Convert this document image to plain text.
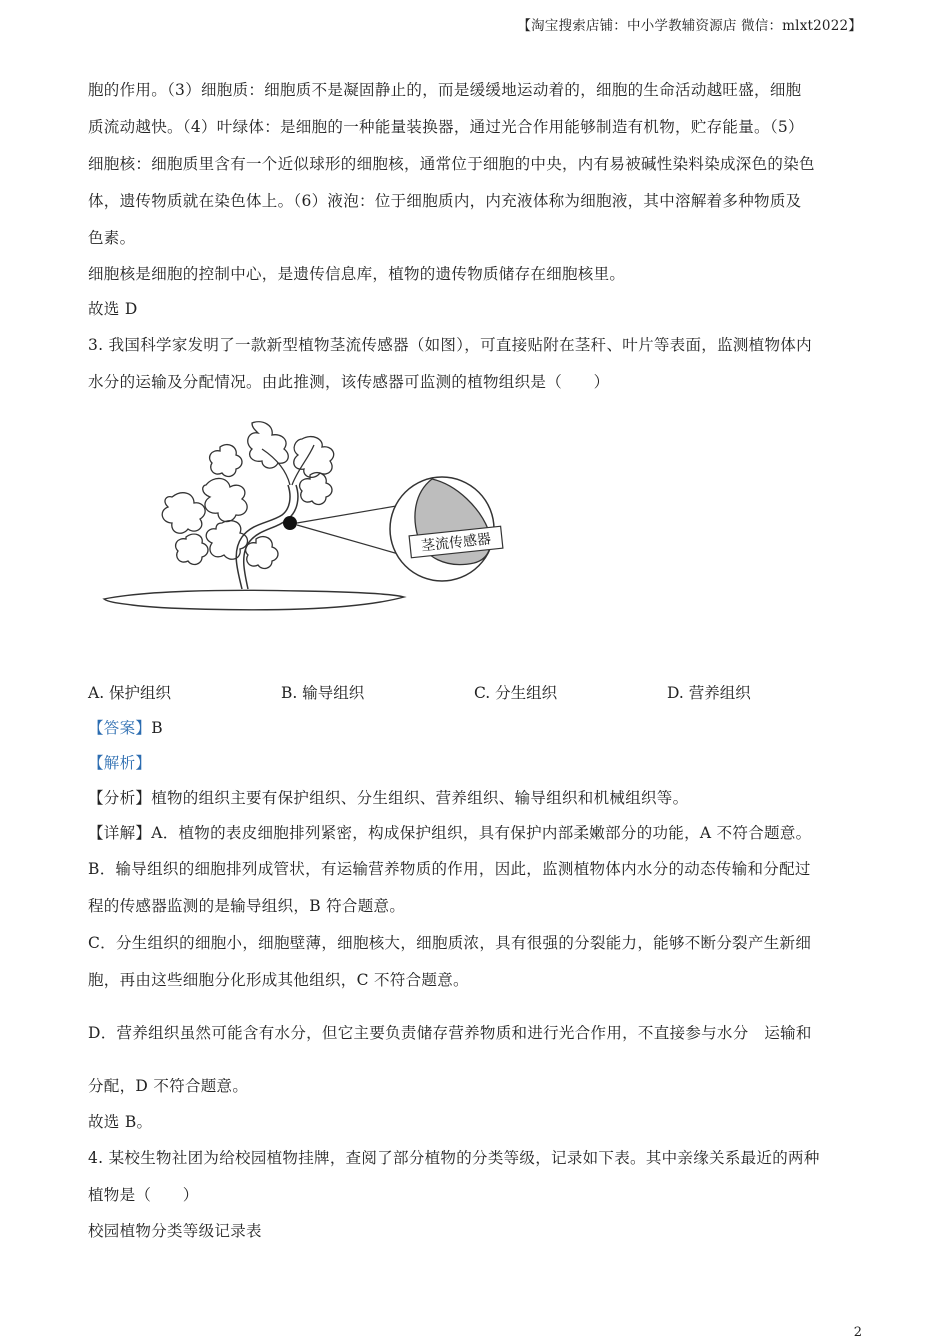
【淘宝搜索店铺：中小学教辅资源店 微信：mlxt2022】
胞的作用。（3）细胞质：细胞质不是凝固静止的，而是缓缓地运动着的，细胞的生命活动越旺盛，细胞
质流动越快。（4）叶绿体：是细胞的一种能量装换器，通过光合作用能够制造有机物，贮存能量。（5）
细胞核：细胞质里含有一个近似球形的细胞核，通常位于细胞的中央，内有易被碱性染料染成深色的染色
体，遗传物质就在染色体上。（6）液泡：位于细胞质内，内充液体称为细胞液，其中溶解着多种物质及
色素。
细胞核是细胞的控制中心，是遗传信息库，植物的遗传物质储存在细胞核里。
故选 D
3. 我国科学家发明了一款新型植物茎流传感器（如图），可直接贴附在茎秆、叶片等表面，监测植物体内
水分的运输及分配情况。由此推测，该传感器可监测的植物组织是（　　）
茎流传感器
A. 保护组织	B. 输导组织	C. 分生组织	D. 营养组织
【答案】B
【解析】
【分析】植物的组织主要有保护组织、分生组织、营养组织、输导组织和机械组织等。
【详解】A．植物的表皮细胞排列紧密，构成保护组织，具有保护内部柔嫩部分的功能，A 不符合题意。
B．输导组织的细胞排列成管状，有运输营养物质的作用，因此，监测植物体内水分的动态传输和分配过
程的传感器监测的是输导组织，B 符合题意。
C．分生组织的细胞小，细胞壁薄，细胞核大，细胞质浓，具有很强的分裂能力，能够不断分裂产生新细
胞，再由这些细胞分化形成其他组织，C 不符合题意。
D．营养组织虽然可能含有水分，但它主要负责储存营养物质和进行光合作用，不直接参与水分　运输和
分配，D 不符合题意。
故选 B。
4. 某校生物社团为给校园植物挂牌，查阅了部分植物的分类等级，记录如下表。其中亲缘关系最近的两种
植物是（　　）
校园植物分类等级记录表
2
